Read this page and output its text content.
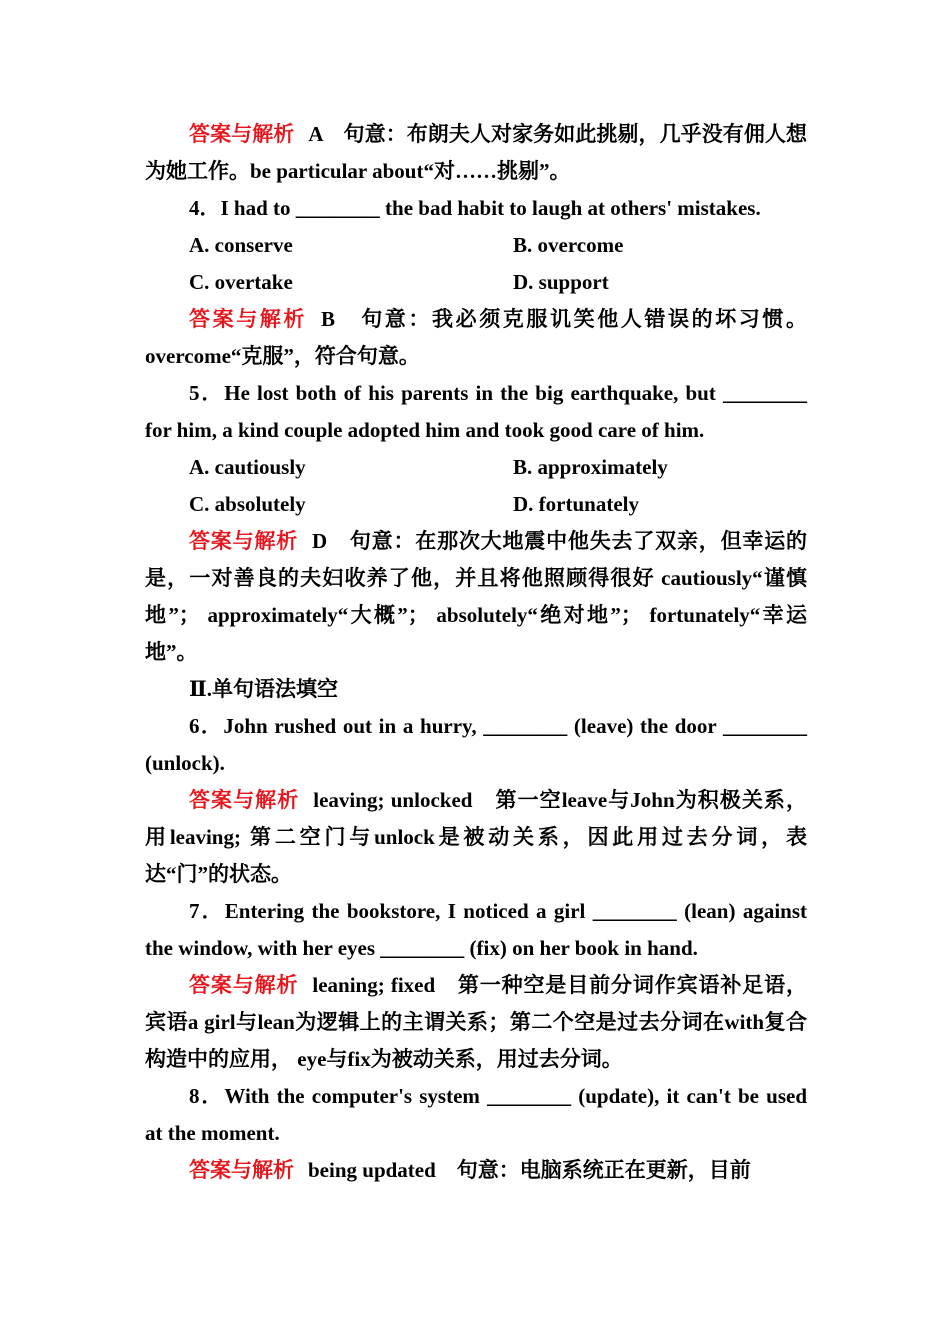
答案与解析 A　句意：布朗夫人对家务如此挑剔，几乎没有佣人想为她工作。be particular about“对……挑剔”。

4．I had to ________ the bad habit to laugh at others' mistakes.

A. conserve	B. overcome
C. overtake	D. support

答案与解析 B　句意：我必须克服讥笑他人错误的坏习惯。overcome“克服”，符合句意。

5．He lost both of his parents in the big earthquake, but ________ for him, a kind couple adopted him and took good care of him.

A. cautiously	B. approximately
C. absolutely	D. fortunately

答案与解析 D　句意：在那次大地震中他失去了双亲，但幸运的是，一对善良的夫妇收养了他，并且将他照顾得很好 cautiously“谨慎地”； approximately“大概”； absolutely“绝对地”； fortunately“幸运地”。

Ⅱ.单句语法填空

6．John rushed out in a hurry, ________ (leave) the door ________ (unlock).

答案与解析 leaving; unlocked　第一空leave与John为积极关系，用leaving; 第二空门与unlock是被动关系，因此用过去分词，表达“门”的状态。

7．Entering the bookstore, I noticed a girl ________ (lean) against the window, with her eyes ________ (fix) on her book in hand.

答案与解析 leaning; fixed　第一种空是目前分词作宾语补足语，宾语a girl与lean为逻辑上的主谓关系；第二个空是过去分词在with复合构造中的应用， eye与fix为被动关系，用过去分词。

8．With the computer's system ________ (update), it can't be used at the moment.

答案与解析 being updated　句意：电脑系统正在更新，目前
